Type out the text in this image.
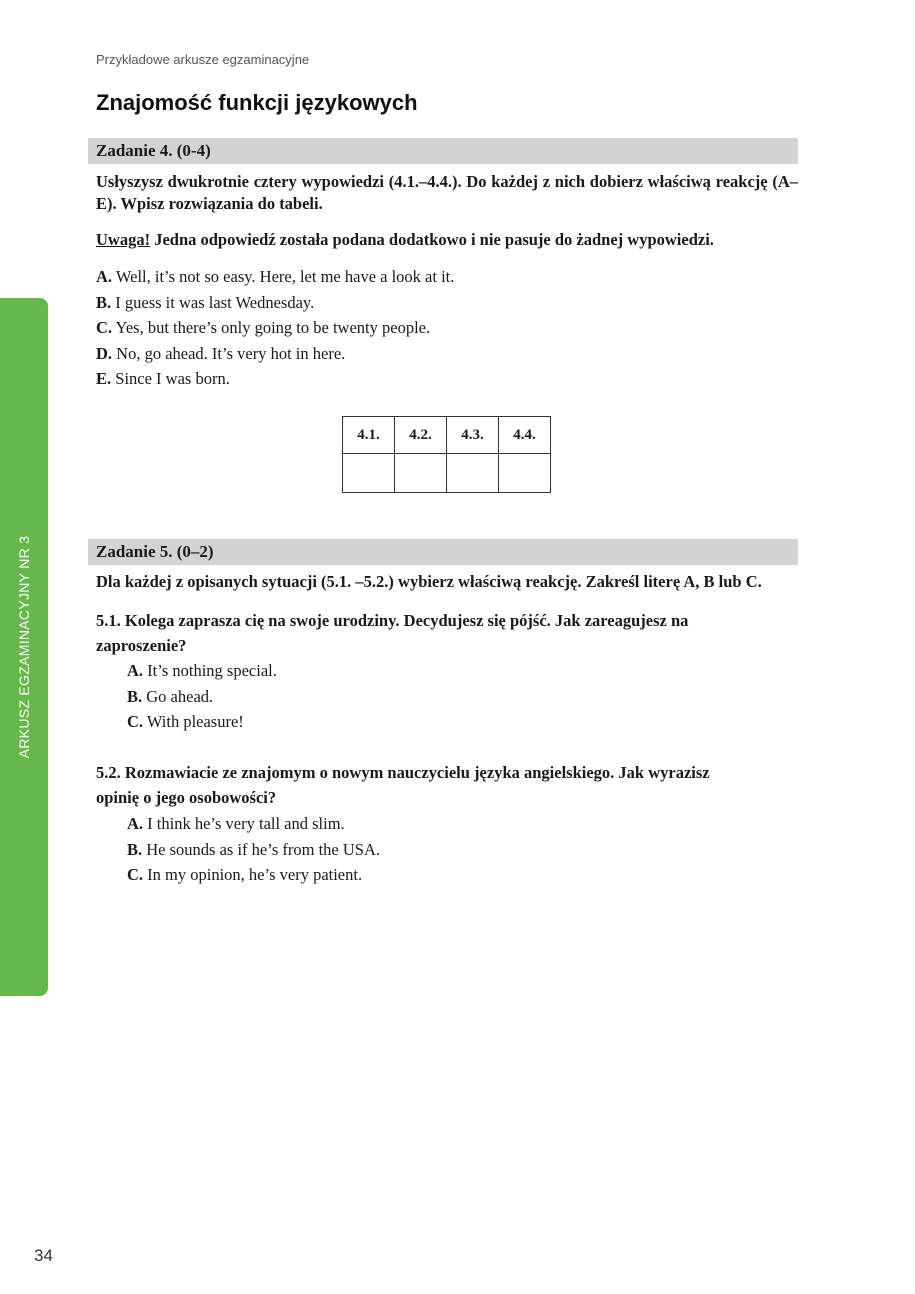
Przykładowe arkusze egzaminacyjne
Znajomość funkcji językowych
ARKUSZ EGZAMINACYJNY NR 3
Zadanie 4. (0-4)
Usłyszysz dwukrotnie cztery wypowiedzi (4.1.–4.4.). Do każdej z nich dobierz właściwą reakcję (A–E). Wpisz rozwiązania do tabeli.
Uwaga! Jedna odpowiedź została podana dodatkowo i nie pasuje do żadnej wypowiedzi.
A. Well, it’s not so easy. Here, let me have a look at it.
B. I guess it was last Wednesday.
C. Yes, but there’s only going to be twenty people.
D. No, go ahead. It’s very hot in here.
E. Since I was born.
4.1.	4.2.	4.3.	4.4.

Zadanie 5. (0–2)
Dla każdej z opisanych sytuacji (5.1. –5.2.) wybierz właściwą reakcję. Zakreśl literę A, B lub C.
5.1. Kolega zaprasza cię na swoje urodziny. Decydujesz się pójść. Jak zareagujesz na
zaproszenie?
A. It’s nothing special.
B. Go ahead.
C. With pleasure!
5.2. Rozmawiacie ze znajomym o nowym nauczycielu języka angielskiego. Jak wyrazisz
opinię o jego osobowości?
A. I think he’s very tall and slim.
B. He sounds as if he’s from the USA.
C. In my opinion, he’s very patient.
34
